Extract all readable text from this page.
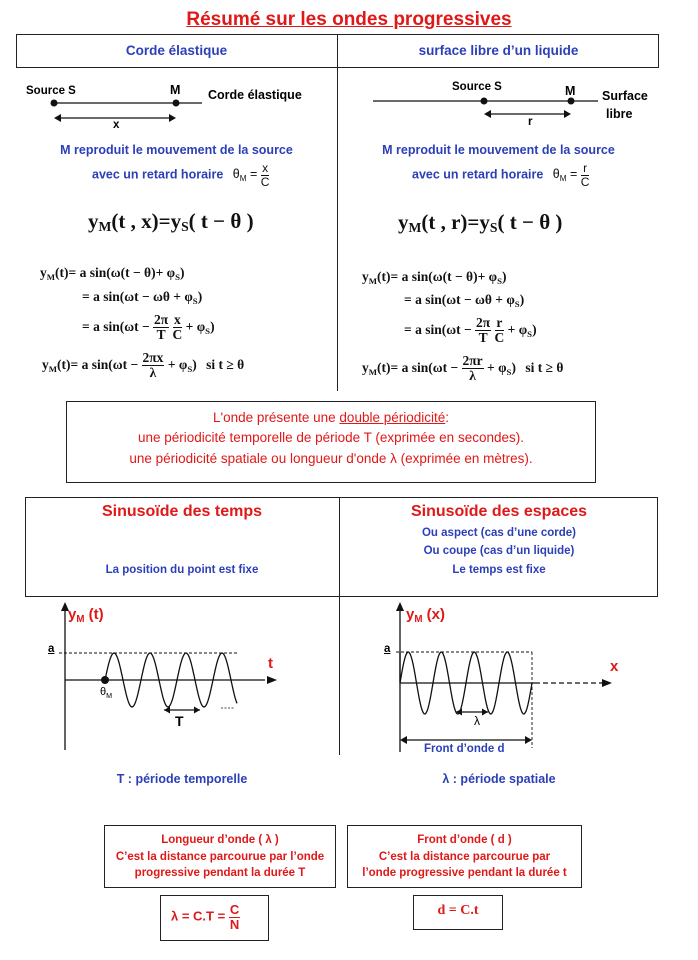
Résumé sur les ondes progressives
Corde élastique	surface libre d’un liquide
Source S	M Corde élastique
x
Source S	M Surface
libre
r
M reproduit le mouvement de la source
avec un retard horaire $\theta_M = \frac{x}{C}$
M reproduit le mouvement de la source
avec un retard horaire $\theta_M = \frac{r}{C}$
$y_M(t$ , $x)=y_S$( t − θ )	$y_M(t$ , $r)=y_S$( t − θ )
$y_M(t)= a$ $\sin(\omega(t - \theta)+ \varphi_S)$
= a $\sin(\omega t - \omega\theta + \varphi_S)$
= a $\sin(\omega t - \frac{2\pi}{T}$
$\frac{x}{C} + \varphi_S$)
$y_M(t)= a$ $\sin(\omega t - \frac{2\pi x}{\lambda} + \varphi_S)$ si t ≥ θ
$y_M(t)= a$ $\sin(\omega(t - \theta)+ \varphi_S)$
= a $\sin(\omega t - \omega\theta + \varphi_S)$
= a $\sin(\omega t - \frac{2\pi}{T}$
$\frac{r}{C} + \varphi_S$)
$y_M(t)= a$ $\sin(\omega t - \frac{2\pi r}{\lambda} + \varphi_S)$ si t ≥ θ
L'onde présente une double périodicité:
une périodicité temporelle de période T (exprimée en secondes).
une périodicité spatiale ou longueur d'onde λ (exprimée en mètres).
Sinusoïde des temps
La position du point est fixe
Sinusoïde des espaces
Ou aspect (cas d’une corde)
Ou coupe (cas d’un liquide)
Le temps est fixe
$y_M$ (t)
t
a
$\theta_M$
T
T : période temporelle
$y_M$ (x)
x
a
λ
Front d’onde d
λ : période spatiale
Longueur d’onde ( λ )
C’est la distance parcourue par l’onde
progressive pendant la durée T
Front d’onde ( d )
C’est la distance parcourue par
l’onde progressive pendant la durée t
$\lambda = C.T = \frac{C}{N}$	d = C.t
